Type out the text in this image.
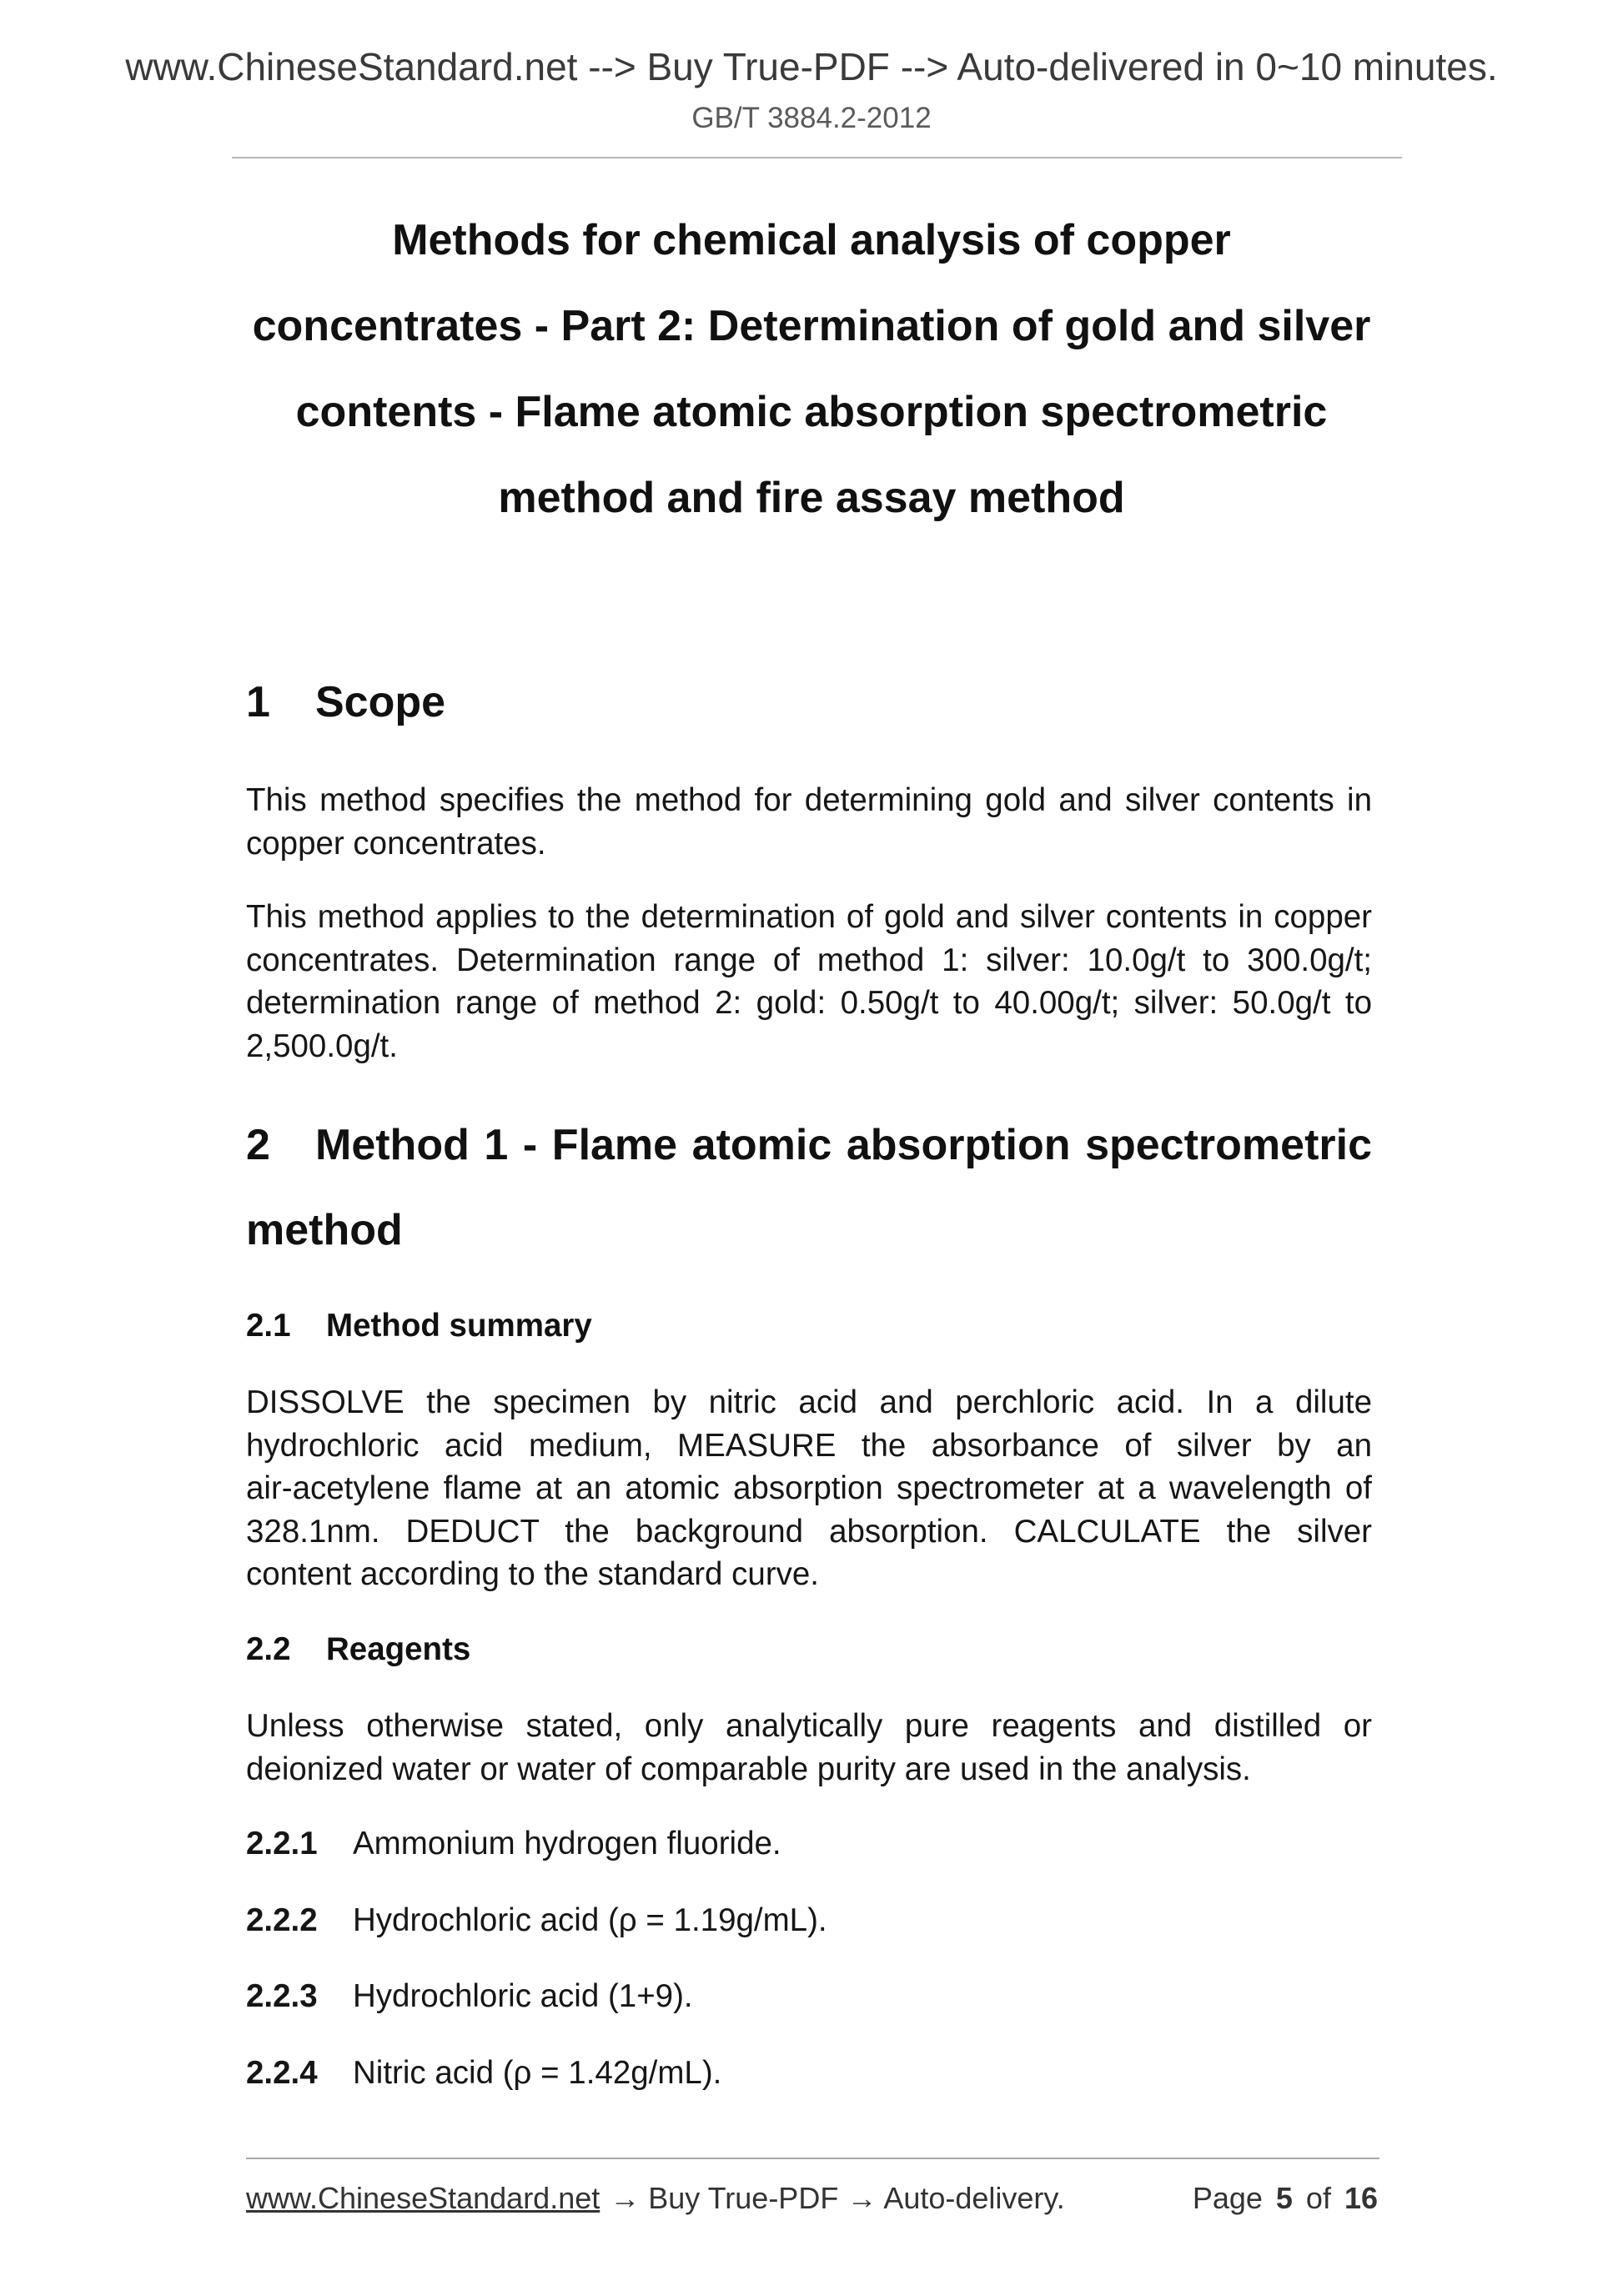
www.ChineseStandard.net --> Buy True-PDF --> Auto-delivered in 0~10 minutes.
GB/T 3884.2-2012
Methods for chemical analysis of copper
concentrates - Part 2: Determination of gold and silver
contents - Flame atomic absorption spectrometric
method and fire assay method
1 Scope
This method specifies the method for determining gold and silver contents in
copper concentrates.
This method applies to the determination of gold and silver contents in copper
concentrates. Determination range of method 1: silver: 10.0g/t to 300.0g/t;
determination range of method 2: gold: 0.50g/t to 40.00g/t; silver: 50.0g/t to
2,500.0g/t.
2	Method 1 - Flame atomic absorption spectrometric
method
2.1 Method summary
DISSOLVE the specimen by nitric acid and perchloric acid. In a dilute
hydrochloric acid medium, MEASURE the absorbance of silver by an
air-acetylene flame at an atomic absorption spectrometer at a wavelength of
328.1nm. DEDUCT the background absorption. CALCULATE the silver
content according to the standard curve.
2.2 Reagents
Unless otherwise stated, only analytically pure reagents and distilled or
deionized water or water of comparable purity are used in the analysis.
2.2.1 Ammonium hydrogen fluoride.
2.2.2 Hydrochloric acid (ρ = 1.19g/mL).
2.2.3 Hydrochloric acid (1+9).
2.2.4 Nitric acid (ρ = 1.42g/mL).
www.ChineseStandard.net → Buy True-PDF → Auto-delivery.	Page 5 of 16
